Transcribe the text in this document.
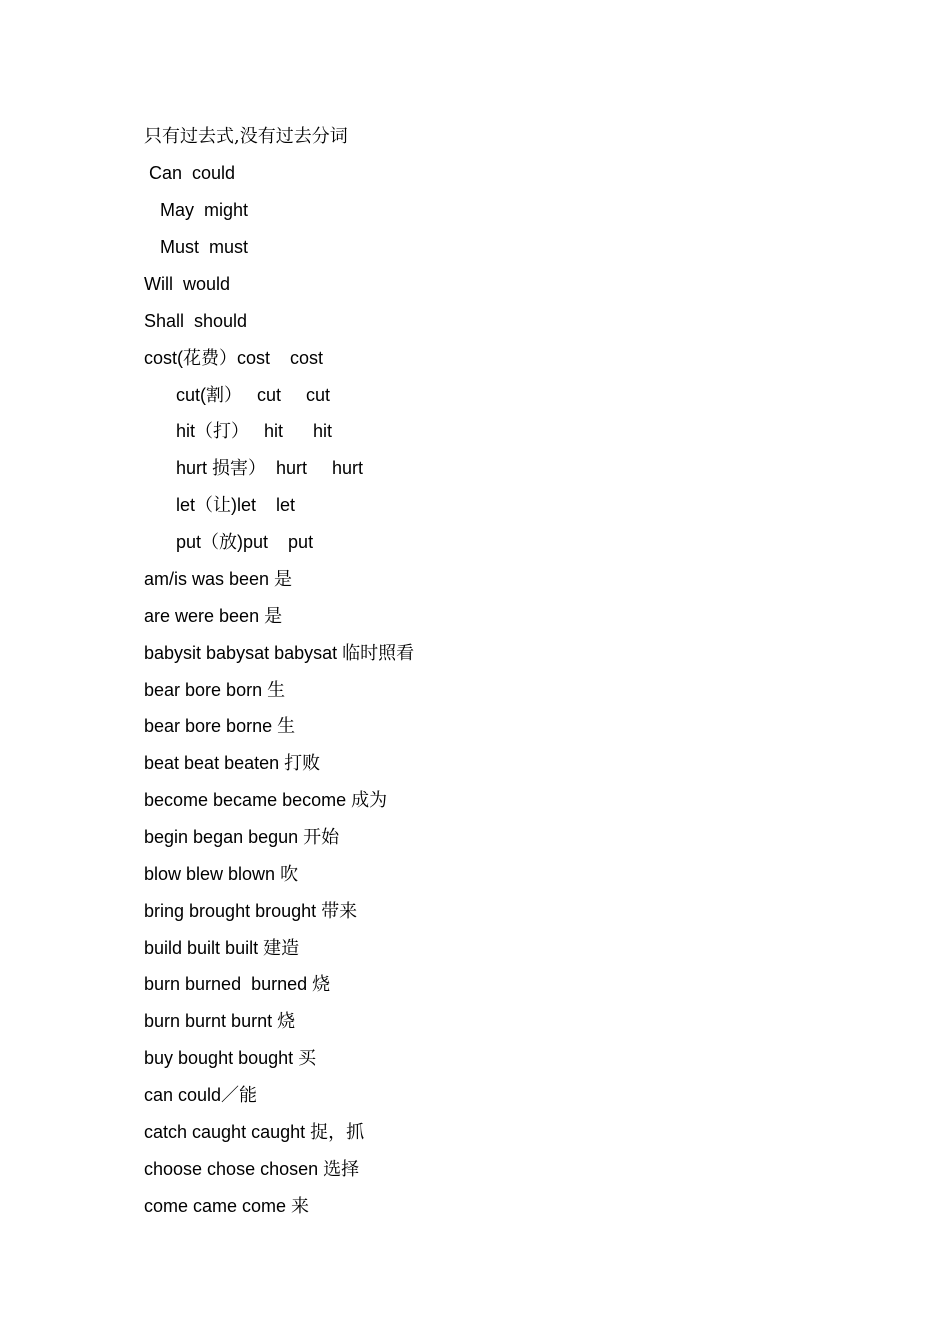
只有过去式,没有过去分词
Can  could
May  might
Must  must
Will  would
Shall  should
cost(花费）cost    cost
cut(割）   cut     cut
hit（打）   hit      hit
hurt 损害）  hurt     hurt
let（让)let    let
put（放)put    put
am/is was been 是
are were been 是
babysit babysat babysat 临时照看
bear bore born 生
bear bore borne 生
beat beat beaten 打败
become became become 成为
begin began begun 开始
blow blew blown 吹
bring brought brought 带来
build built built 建造
burn burned  burned 烧
burn burnt burnt 烧
buy bought bought 买
can could／能
catch caught caught 捉，抓
choose chose chosen 选择
come came come 来
